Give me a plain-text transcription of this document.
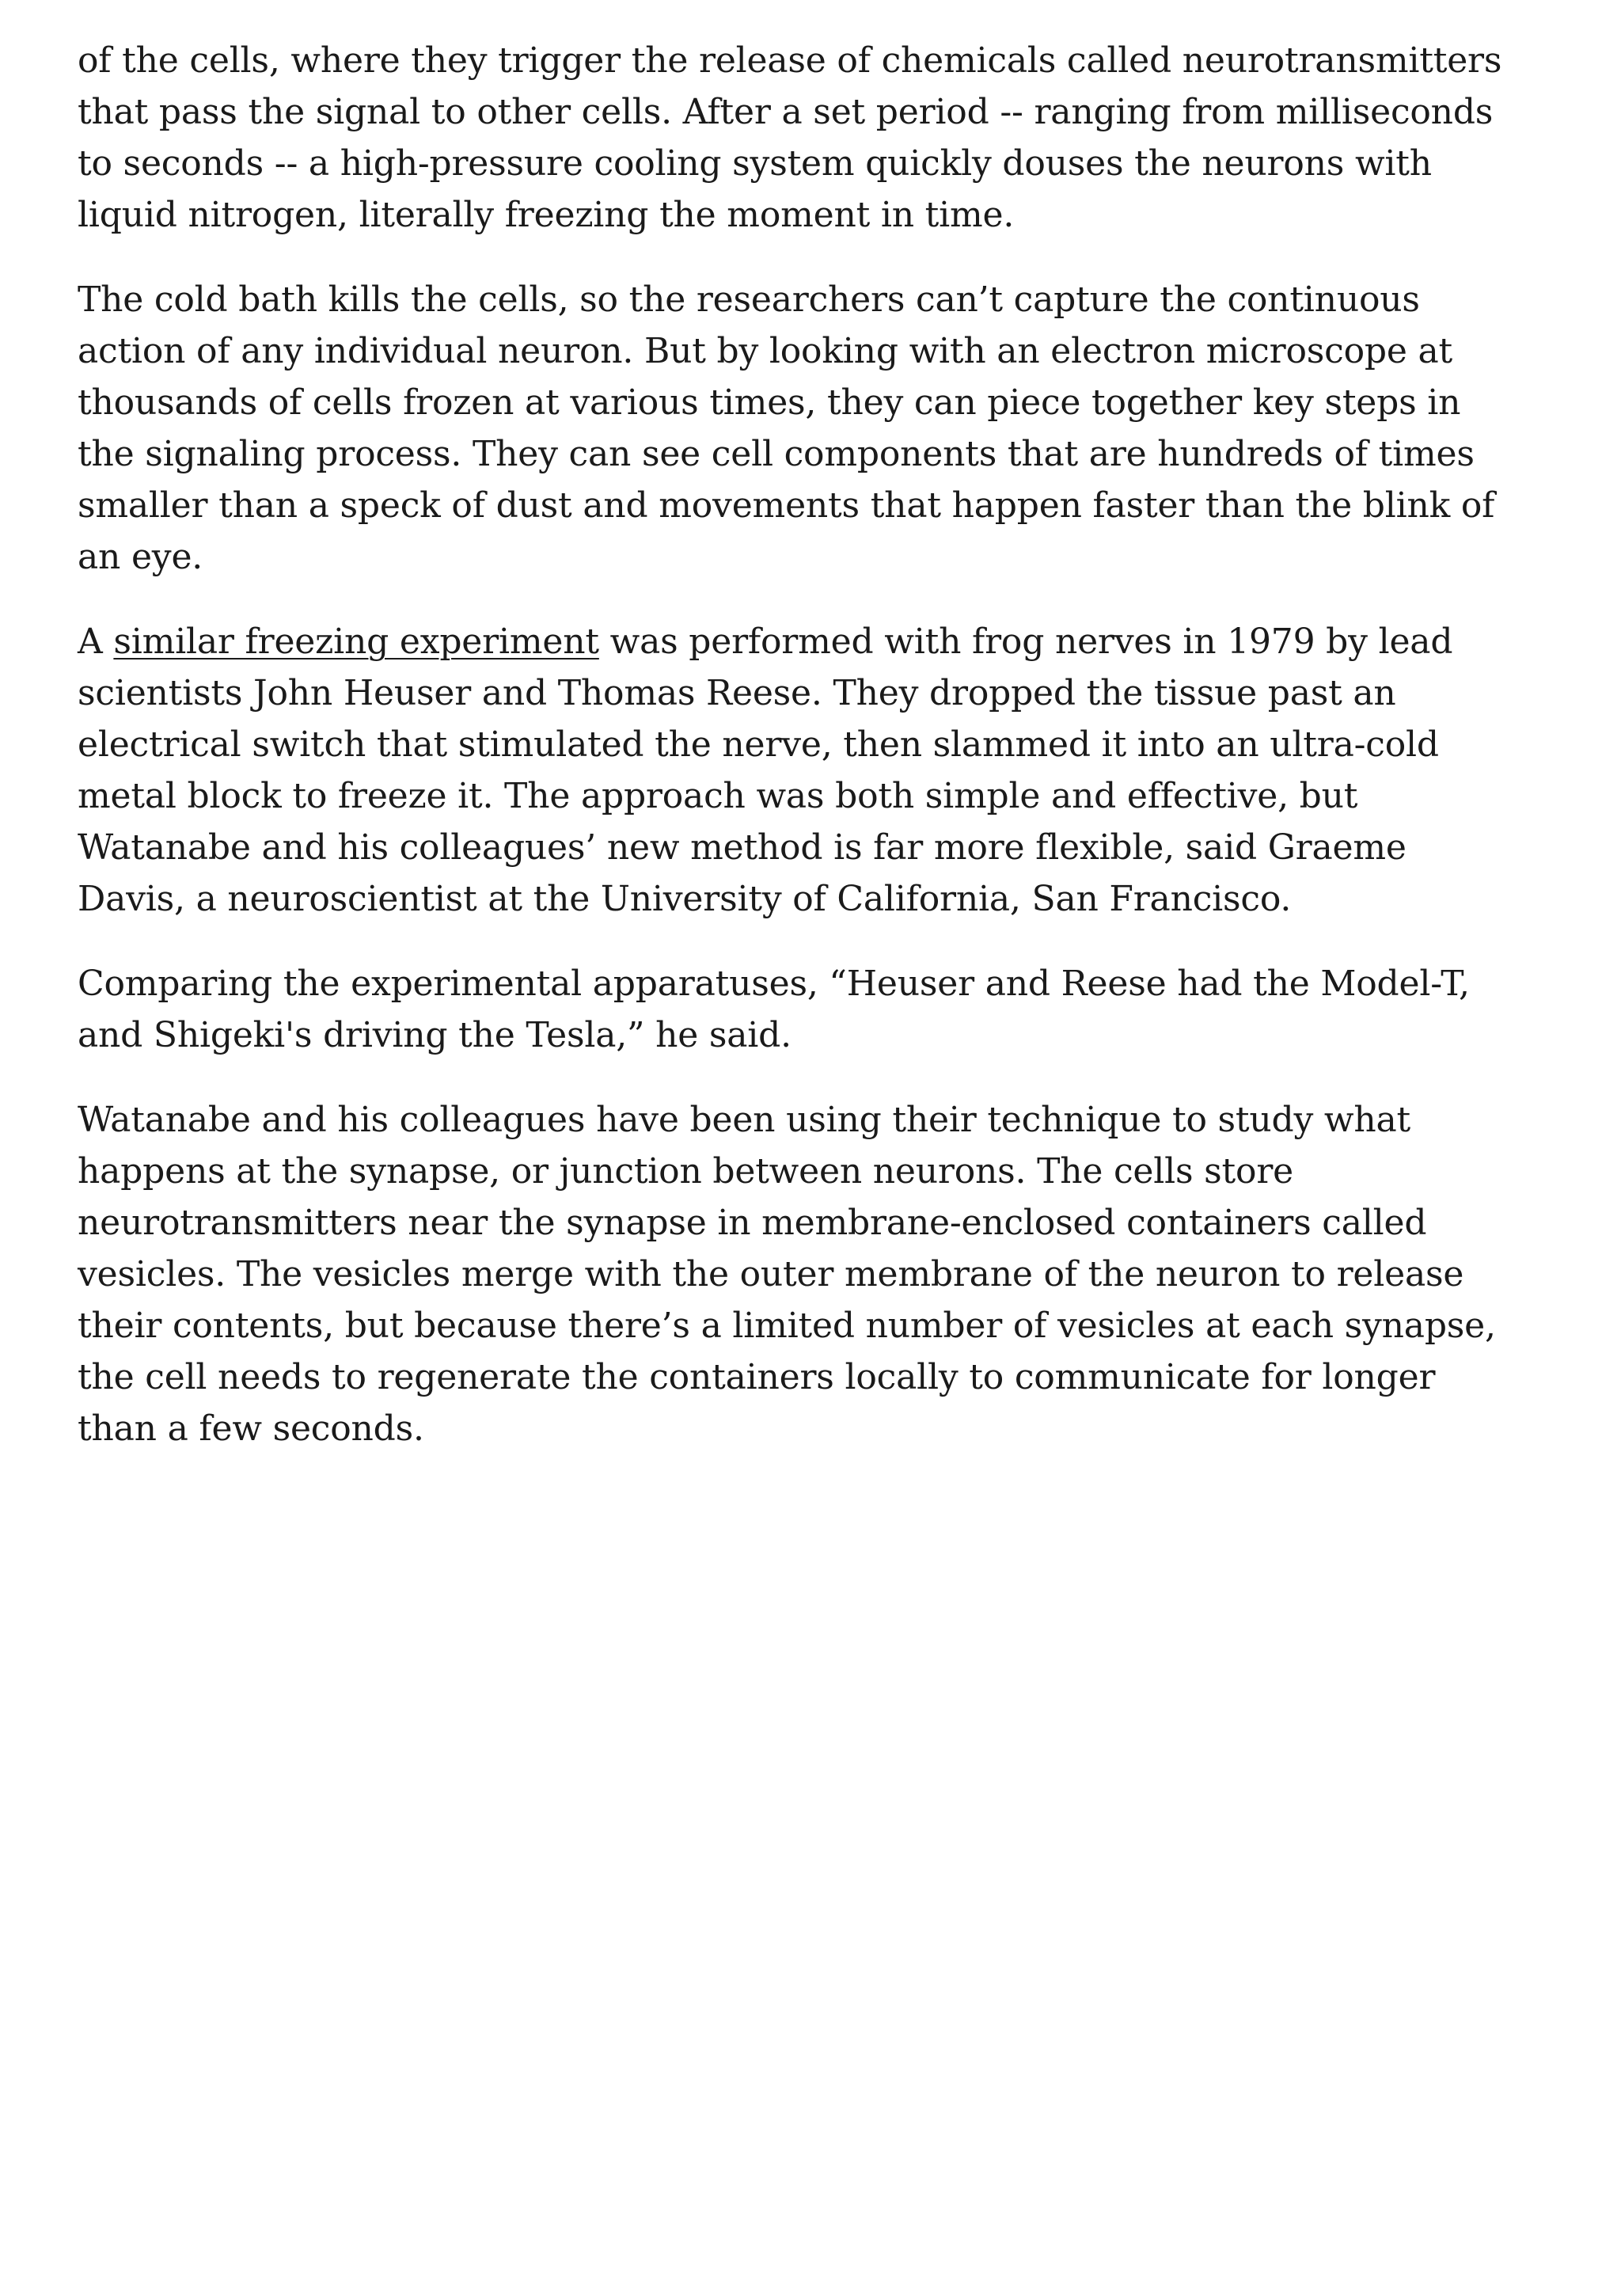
of the cells, where they trigger the release of chemicals called neurotransmitters that pass the signal to other cells. After a set period -- ranging from milliseconds to seconds -- a high-pressure cooling system quickly douses the neurons with liquid nitrogen, literally freezing the moment in time.

The cold bath kills the cells, so the researchers can’t capture the continuous action of any individual neuron. But by looking with an electron microscope at thousands of cells frozen at various times, they can piece together key steps in the signaling process. They can see cell components that are hundreds of times smaller than a speck of dust and movements that happen faster than the blink of an eye.

A similar freezing experiment was performed with frog nerves in 1979 by lead scientists John Heuser and Thomas Reese. They dropped the tissue past an electrical switch that stimulated the nerve, then slammed it into an ultra-cold metal block to freeze it. The approach was both simple and effective, but Watanabe and his colleagues’ new method is far more flexible, said Graeme Davis, a neuroscientist at the University of California, San Francisco.

Comparing the experimental apparatuses, “Heuser and Reese had the Model-T, and Shigeki's driving the Tesla,” he said.

Watanabe and his colleagues have been using their technique to study what happens at the synapse, or junction between neurons. The cells store neurotransmitters near the synapse in membrane-enclosed containers called vesicles. The vesicles merge with the outer membrane of the neuron to release their contents, but because there’s a limited number of vesicles at each synapse, the cell needs to regenerate the containers locally to communicate for longer than a few seconds.
